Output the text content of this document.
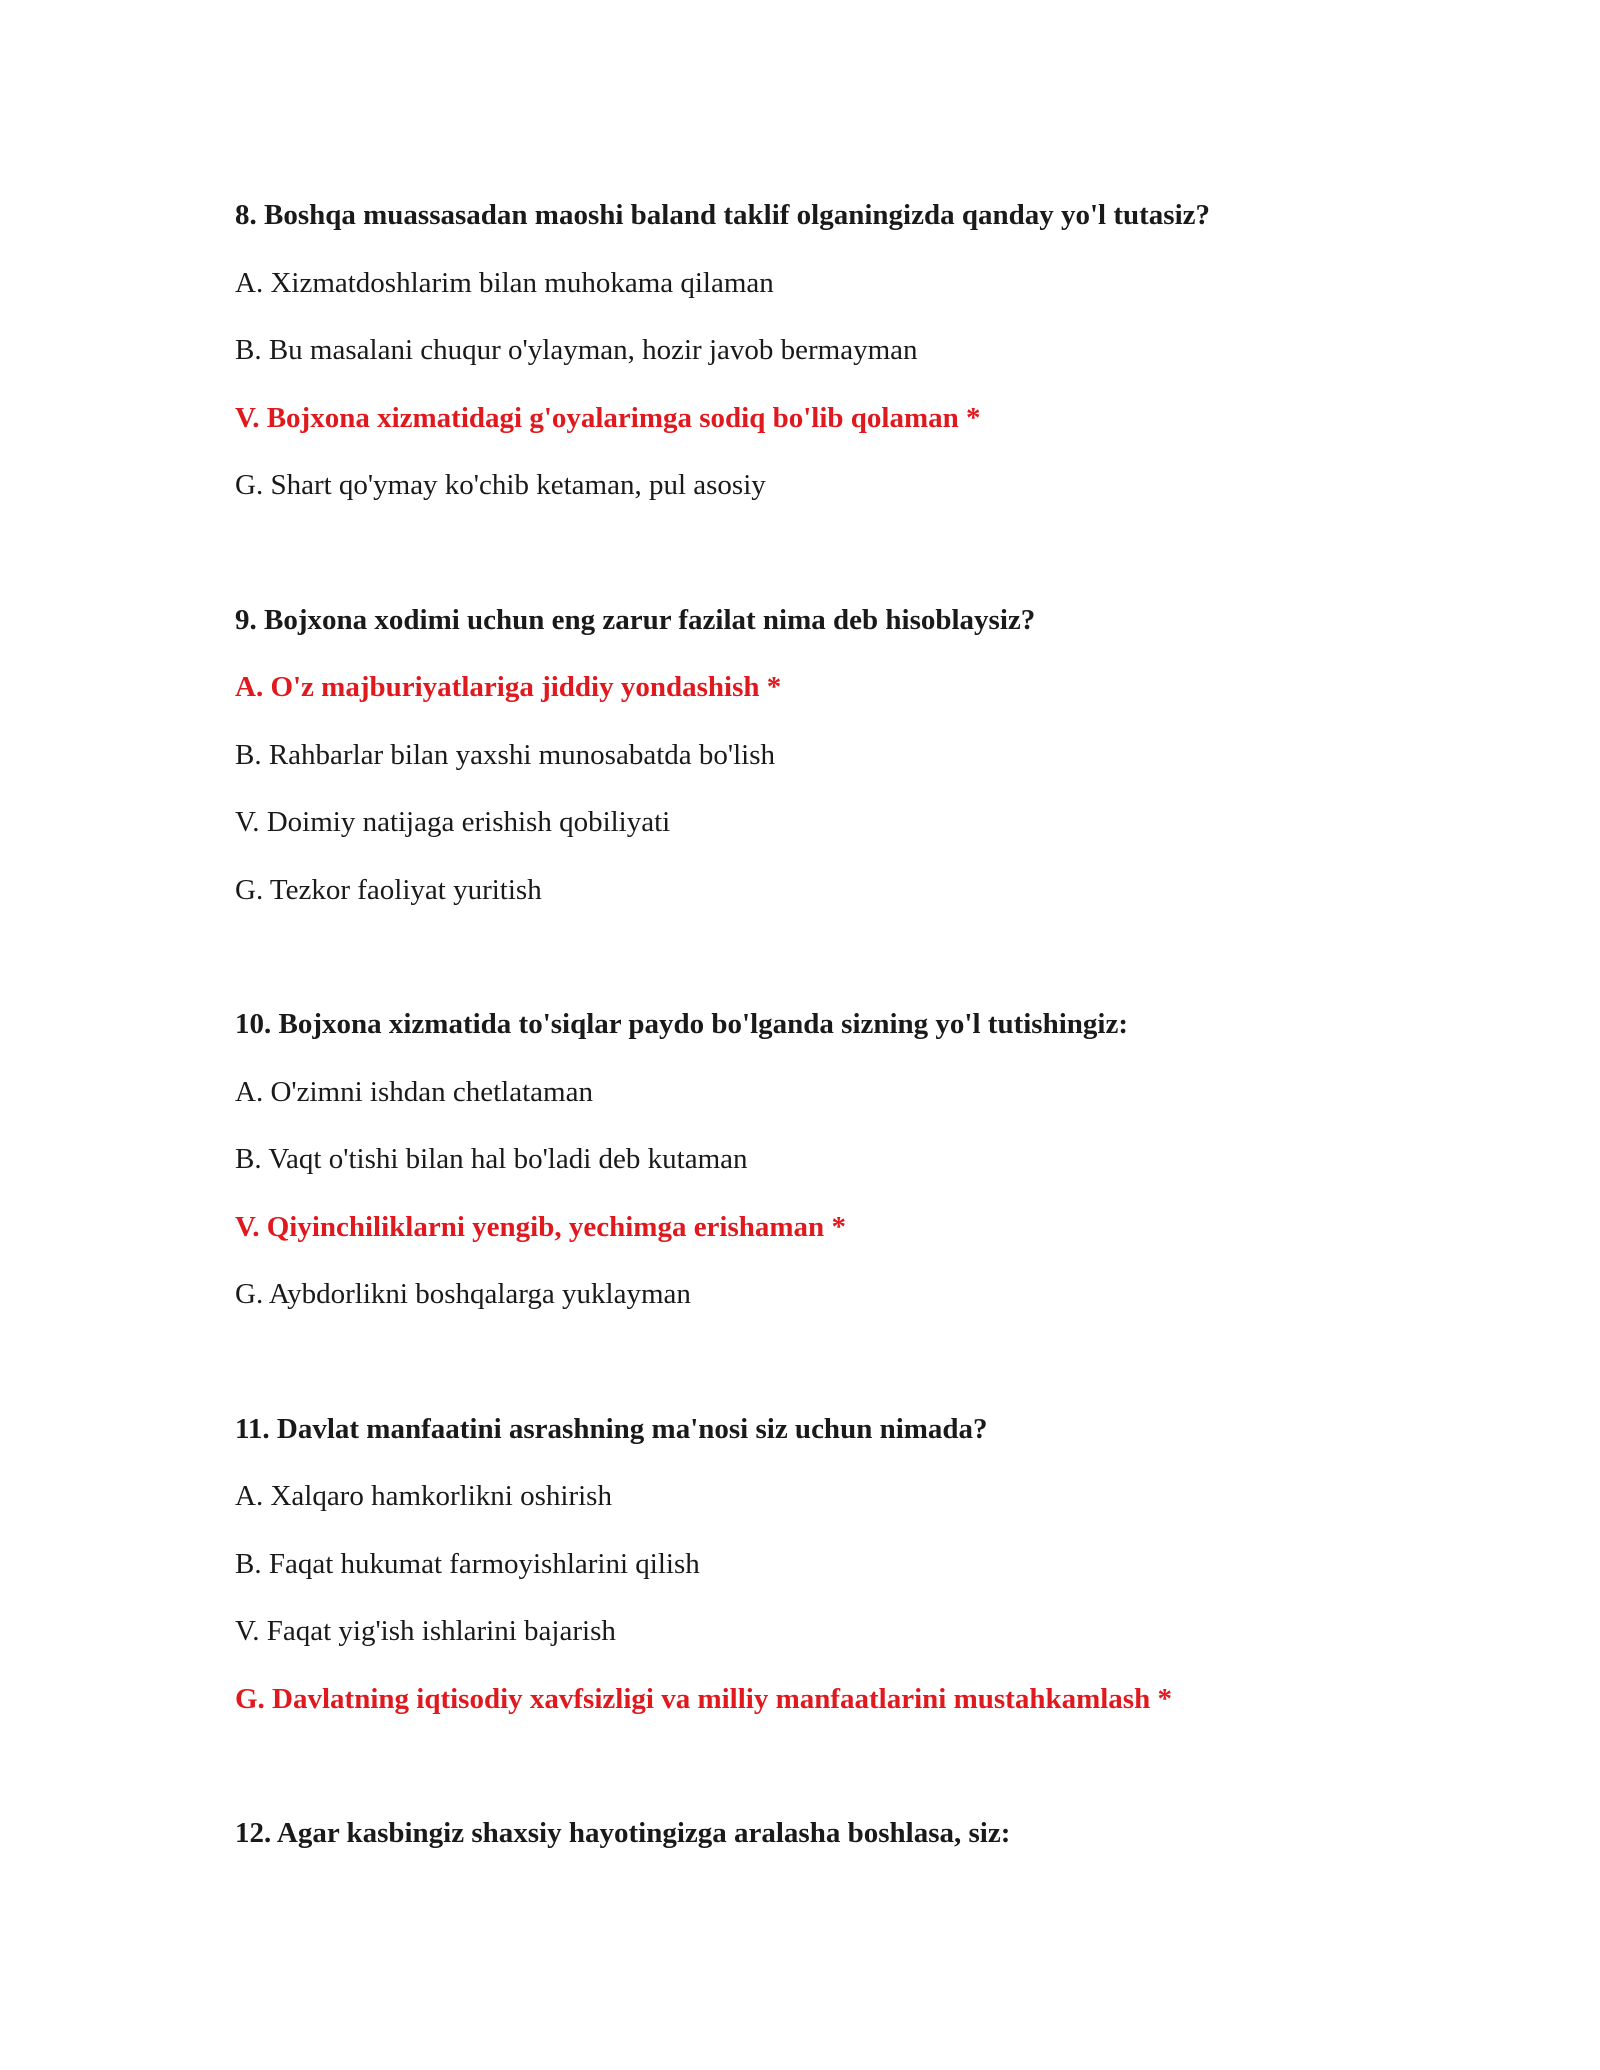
8. Boshqa muassasadan maoshi baland taklif olganingizda qanday yo'l tutasiz?
A. Xizmatdoshlarim bilan muhokama qilaman
B. Bu masalani chuqur o'ylayman, hozir javob bermayman
V. Bojxona xizmatidagi g'oyalarimga sodiq bo'lib qolaman *
G. Shart qo'ymay ko'chib ketaman, pul asosiy
9. Bojxona xodimi uchun eng zarur fazilat nima deb hisoblaysiz?
A. O'z majburiyatlariga jiddiy yondashish *
B. Rahbarlar bilan yaxshi munosabatda bo'lish
V. Doimiy natijaga erishish qobiliyati
G. Tezkor faoliyat yuritish
10. Bojxona xizmatida to'siqlar paydo bo'lganda sizning yo'l tutishingiz:
A. O'zimni ishdan chetlataman
B. Vaqt o'tishi bilan hal bo'ladi deb kutaman
V. Qiyinchiliklarni yengib, yechimga erishaman *
G. Aybdorlikni boshqalarga yuklayman
11. Davlat manfaatini asrashning ma'nosi siz uchun nimada?
A. Xalqaro hamkorlikni oshirish
B. Faqat hukumat farmoyishlarini qilish
V. Faqat yig'ish ishlarini bajarish
G. Davlatning iqtisodiy xavfsizligi va milliy manfaatlarini mustahkamlash *
12. Agar kasbingiz shaxsiy hayotingizga aralasha boshlasa, siz:
